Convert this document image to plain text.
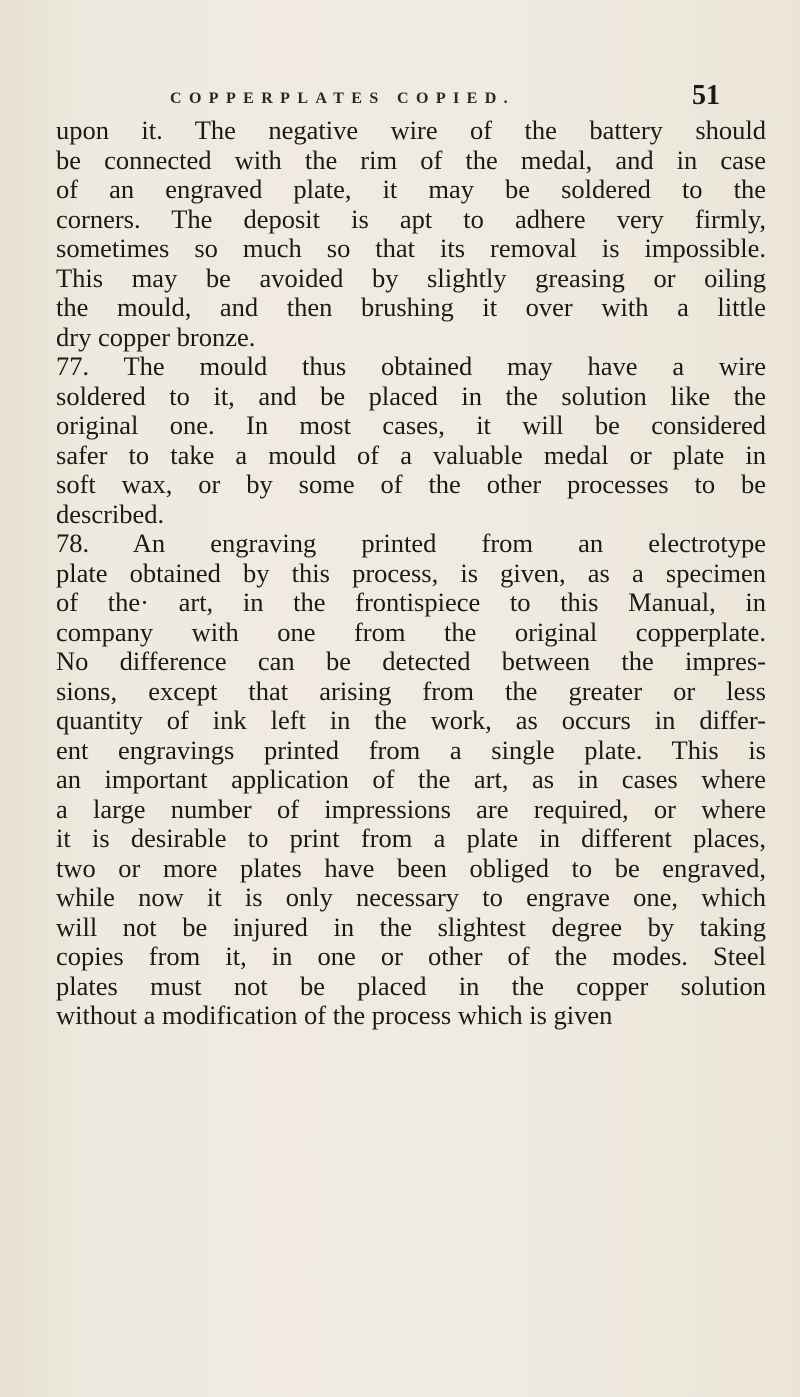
COPPERPLATES COPIED.	51
upon it. The negative wire of the battery should
be connected with the rim of the medal, and in case
of an engraved plate, it may be soldered to the
corners. The deposit is apt to adhere very firmly,
sometimes so much so that its removal is impossible.
This may be avoided by slightly greasing or oiling
the mould, and then brushing it over with a little
dry copper bronze.
77. The mould thus obtained may have a wire
soldered to it, and be placed in the solution like the
original one. In most cases, it will be considered
safer to take a mould of a valuable medal or plate in
soft wax, or by some of the other processes to be
described.
78. An engraving printed from an electrotype
plate obtained by this process, is given, as a specimen
of the· art, in the frontispiece to this Manual, in
company with one from the original copperplate.
No difference can be detected between the impres-
sions, except that arising from the greater or less
quantity of ink left in the work, as occurs in differ-
ent engravings printed from a single plate. This is
an important application of the art, as in cases where
a large number of impressions are required, or where
it is desirable to print from a plate in different places,
two or more plates have been obliged to be engraved,
while now it is only necessary to engrave one, which
will not be injured in the slightest degree by taking
copies from it, in one or other of the modes. Steel
plates must not be placed in the copper solution
without a modification of the process which is given
